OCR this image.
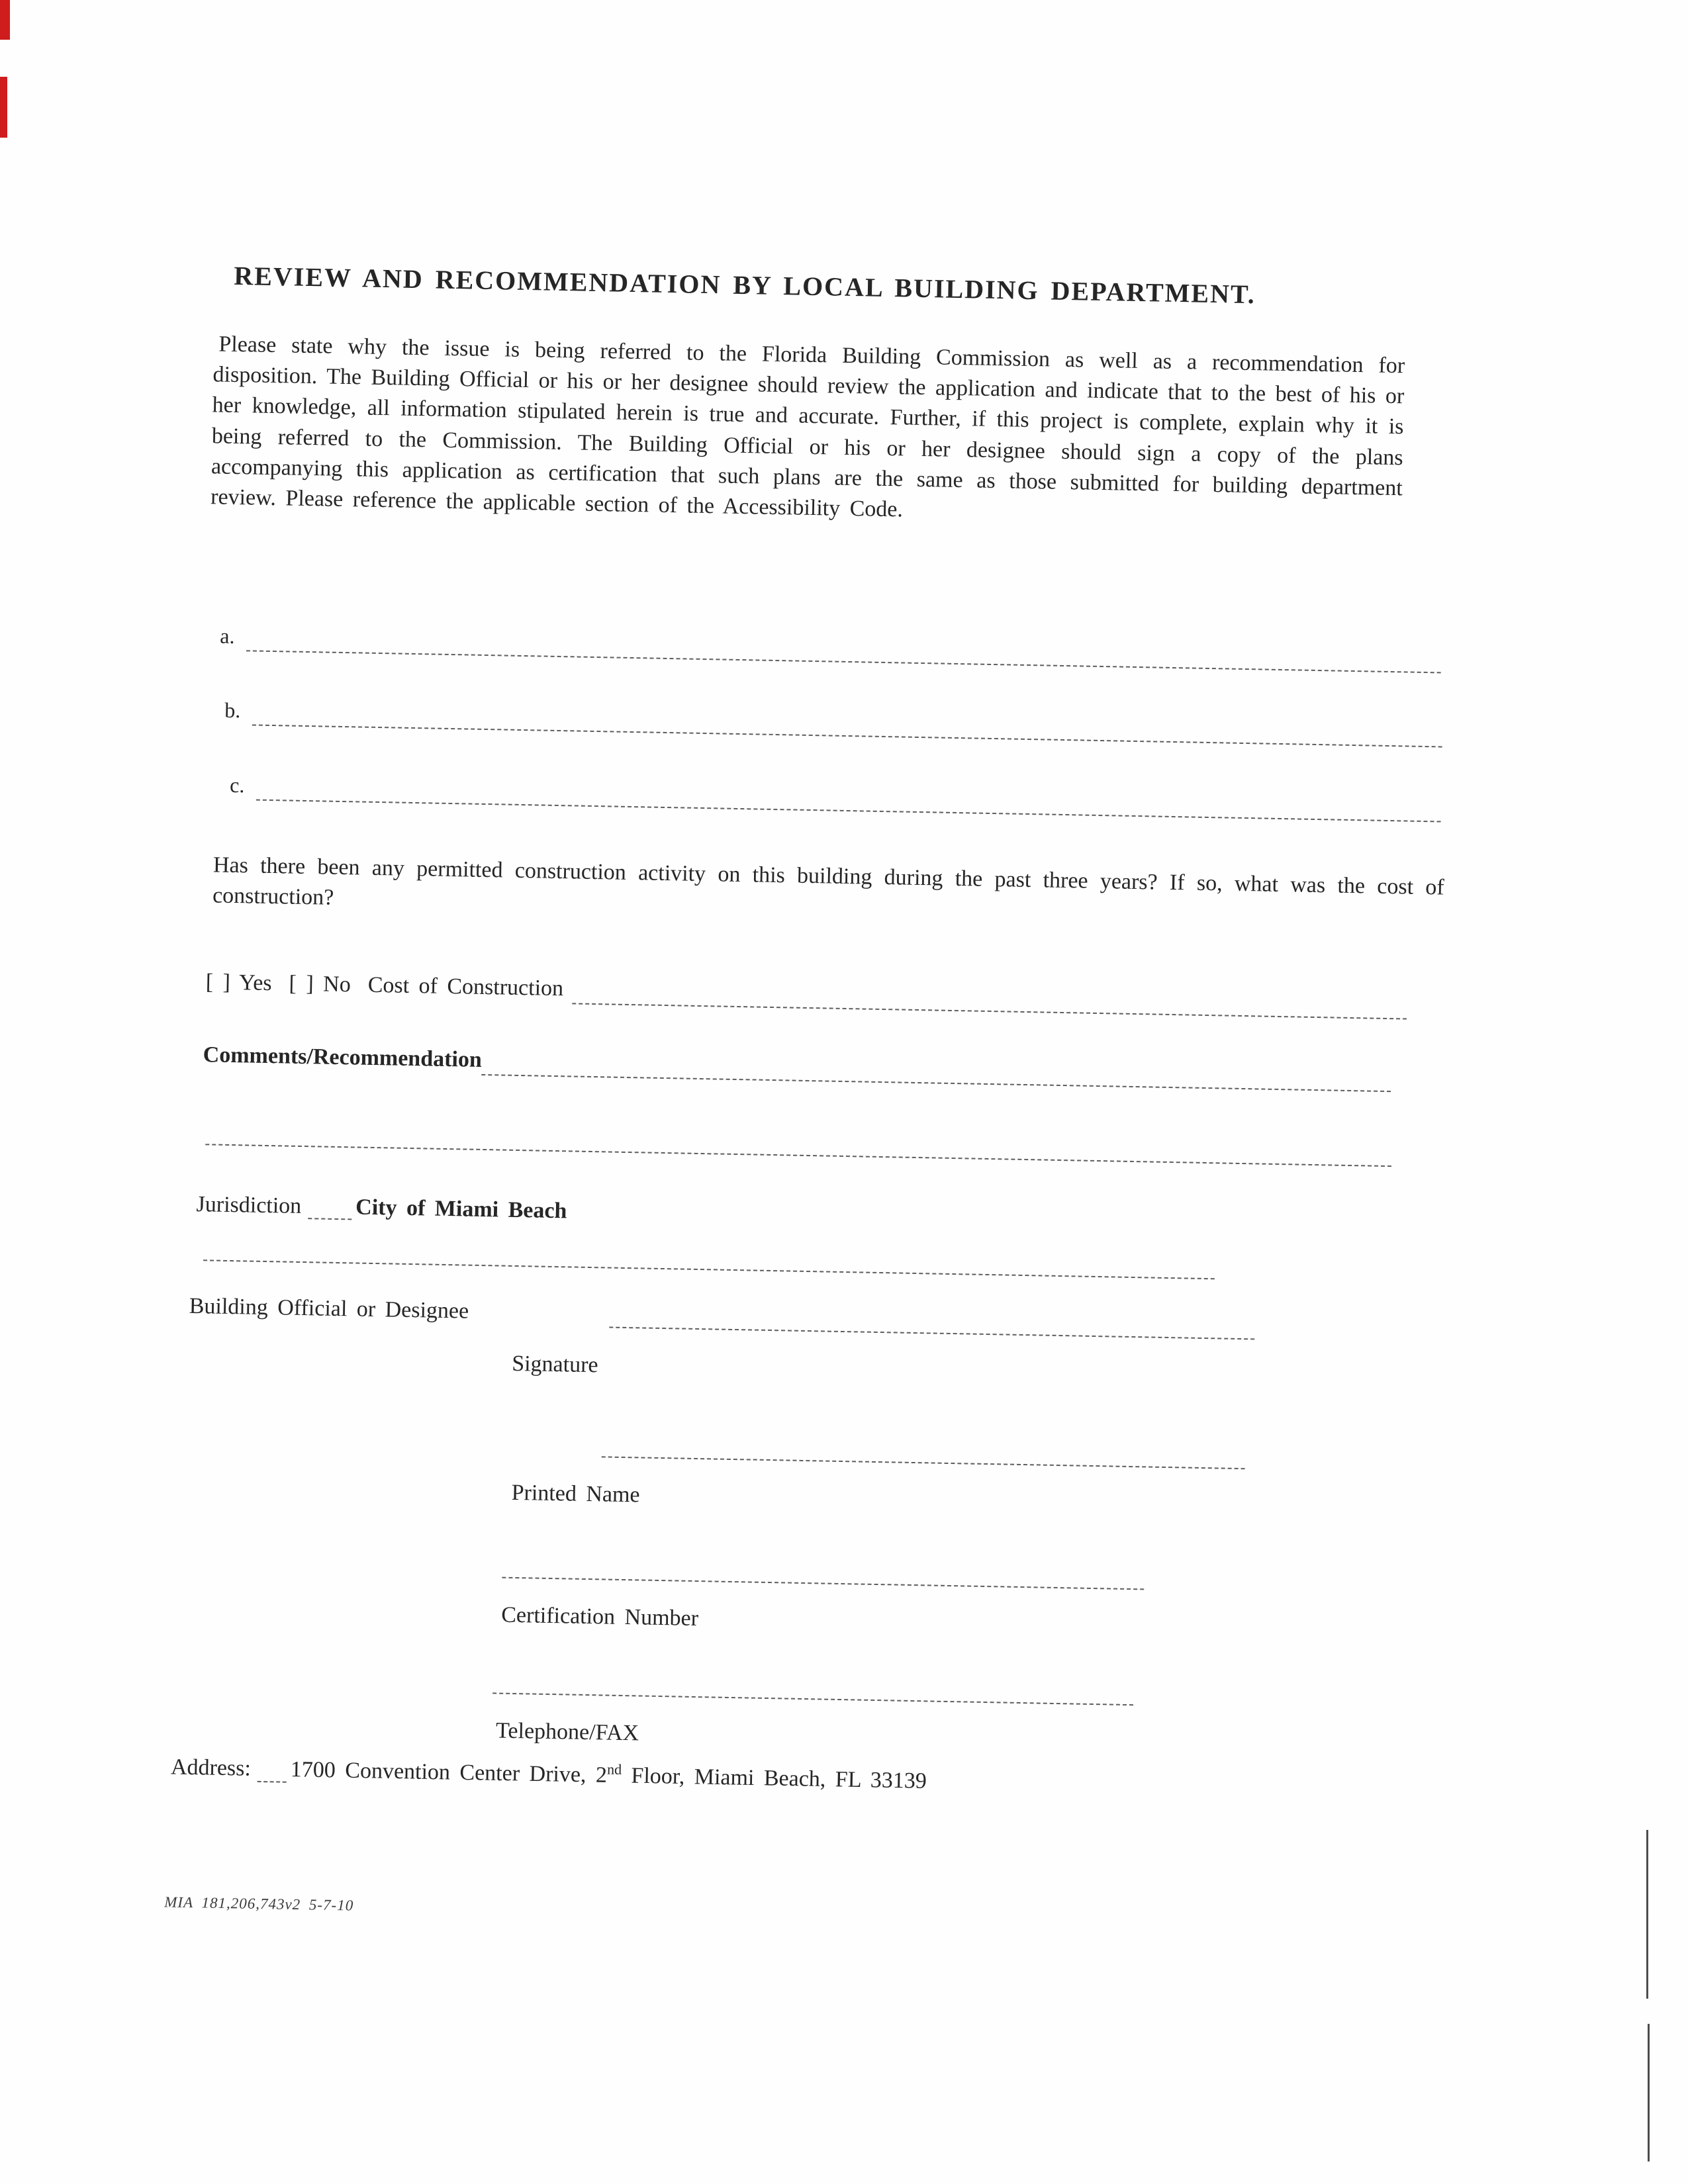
REVIEW AND RECOMMENDATION BY LOCAL BUILDING DEPARTMENT.

Please state why the issue is being referred to the Florida Building Commission as well as a recommendation for disposition. The Building Official or his or her designee should review the application and indicate that to the best of his or her knowledge, all information stipulated herein is true and accurate. Further, if this project is complete, explain why it is being referred to the Commission. The Building Official or his or her designee should sign a copy of the plans accompanying this application as certification that such plans are the same as those submitted for building department review. Please reference the applicable section of the Accessibility Code.

a.
b.
c.

Has there been any permitted construction activity on this building during the past three years? If so, what was the cost of construction?

[ ] Yes [ ] No Cost of Construction
Comments/Recommendation
Jurisdiction City of Miami Beach
Building Official or Designee
Signature
Printed Name
Certification Number
Telephone/FAX
Address: 1700 Convention Center Drive, 2nd Floor, Miami Beach, FL 33139
MIA 181,206,743v2 5-7-10
